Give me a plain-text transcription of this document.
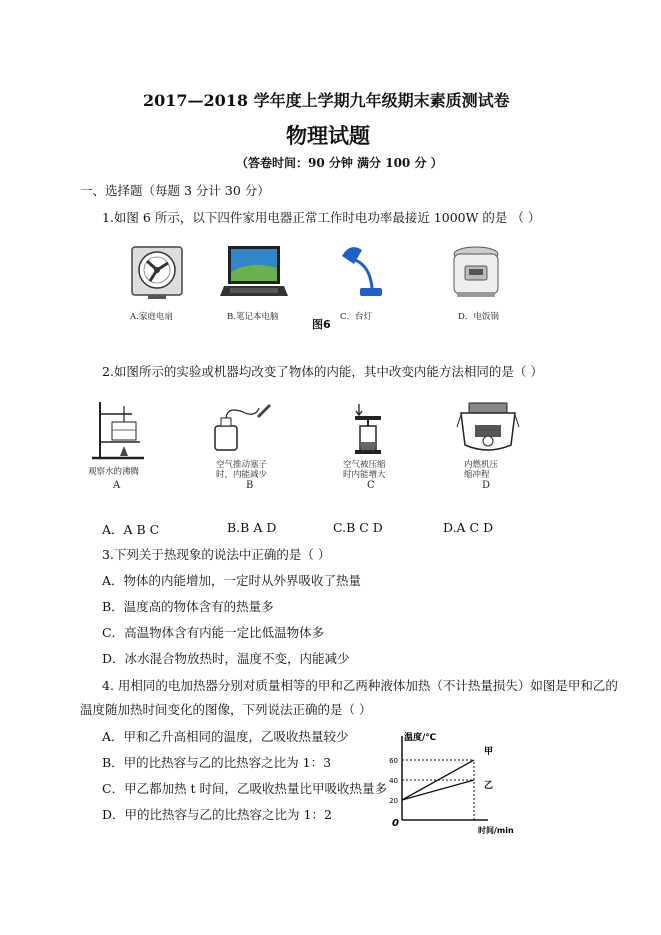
2017—2018 学年度上学期九年级期末素质测试卷
物理试题
（答卷时间：90 分钟 满分 100 分 ）
一、选择题（每题 3 分计 30 分）
1.如图 6 所示，以下四件家用电器正常工作时电功率最接近 1000W 的是 （ ）
A.家庭电扇	B.笔记本电脑	C．台灯	D．电饭锅
图6
2.如图所示的实验或机器均改变了物体的内能，其中改变内能方法相同的是（ ）
观察水的沸腾
空气推动塞子
时，内能减少
空气被压缩
时内能增大
内燃机压
缩冲程
A	B	C	D
A．A B C	B.B A D	C.B C D	D.A C D
3.下列关于热现象的说法中正确的是（ ）
A．物体的内能增加，一定时从外界吸收了热量
B．温度高的物体含有的热量多
C．高温物体含有内能一定比低温物体多
D．冰水混合物放热时，温度不变，内能减少
4. 用相同的电加热器分别对质量相等的甲和乙两种液体加热（不计热量损失）如图是甲和乙的
温度随加热时间变化的图像，下列说法正确的是（ ）
A．甲和乙升高相同的温度，乙吸收热量较少
B．甲的比热容与乙的比热容之比为 1：3
C．甲乙都加热 t 时间，乙吸收热量比甲吸收热量多
D．甲的比热容与乙的比热容之比为 1：2
温度/℃
时间/min
0
20
40
60
甲
乙
